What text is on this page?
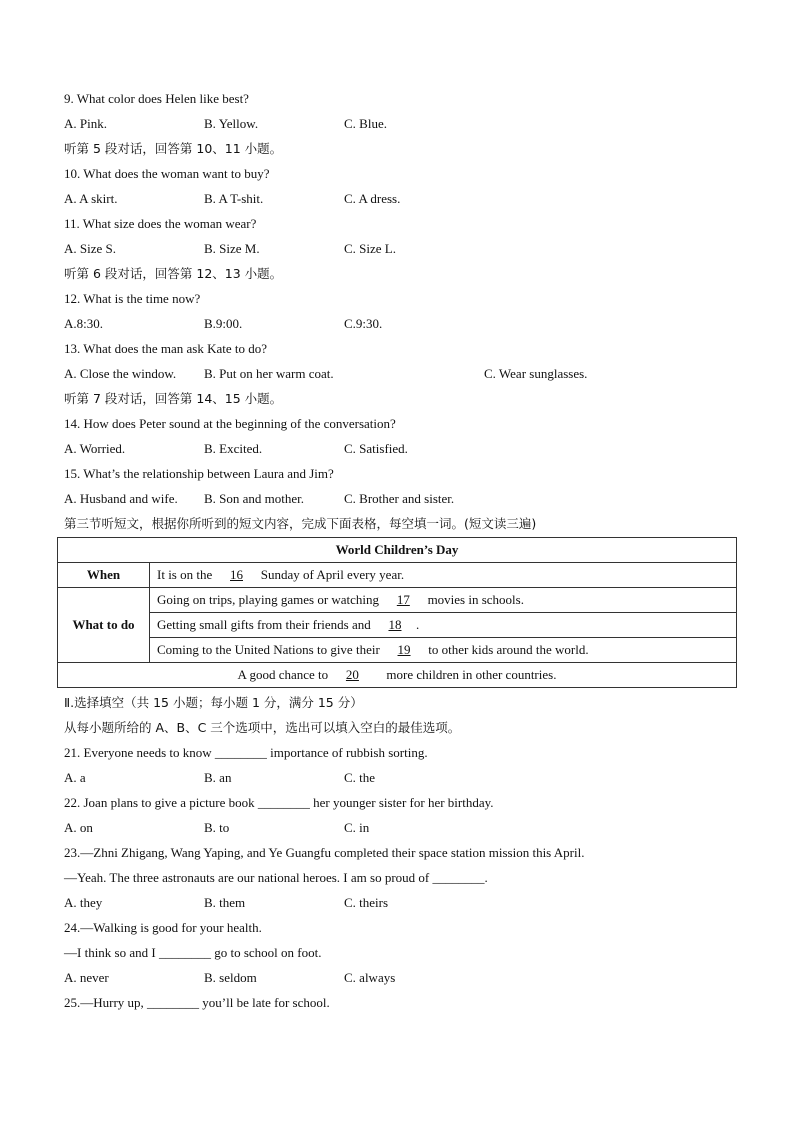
9. What color does Helen like best?
A. Pink.	B. Yellow.	C. Blue.
听第 5 段对话，回答第 10、11 小题。
10. What does the woman want to buy?
A. A skirt.	B. A T-shit.	C. A dress.
11. What size does the woman wear?
A. Size S.	B. Size M.	C. Size L.
听第 6 段对话，回答第 12、13 小题。
12. What is the time now?
A.8:30.	B.9:00.	C.9:30.
13. What does the man ask Kate to do?
A. Close the window. B. Put on her warm coat.	C. Wear sunglasses.
听第 7 段对话，回答第 14、15 小题。
14. How does Peter sound at the beginning of the conversation?
A. Worried.	B. Excited.	C. Satisfied.
15. What’s the relationship between Laura and Jim?
A. Husband and wife. B. Son and mother.	C. Brother and sister.
第三节听短文，根据你所听到的短文内容，完成下面表格，每空填一词。(短文读三遍)
World Children’s Day	
When	It is on the 16 Sunday of April every year.
What to do	Going on trips, playing games or watching 17 movies in schools.
	Getting small gifts from their friends and 18 .
	Coming to the United Nations to give their 19 to other kids around the world.
A good chance to 20 more children in other countries.	
Ⅱ.选择填空（共 15 小题；每小题 1 分，满分 15 分）
从每小题所给的 A、B、C 三个选项中，选出可以填入空白的最佳选项。
21. Everyone needs to know ________ importance of rubbish sorting.
A. a	B. an	C. the
22. Joan plans to give a picture book ________ her younger sister for her birthday.
A. on	B. to	C. in
23.—Zhni Zhigang, Wang Yaping, and Ye Guangfu completed their space station mission this April.
—Yeah. The three astronauts are our national heroes. I am so proud of ________.
A. they	B. them	C. theirs
24.—Walking is good for your health.
—I think so and I ________ go to school on foot.
A. never	B. seldom	C. always
25.—Hurry up, ________ you’ll be late for school.
